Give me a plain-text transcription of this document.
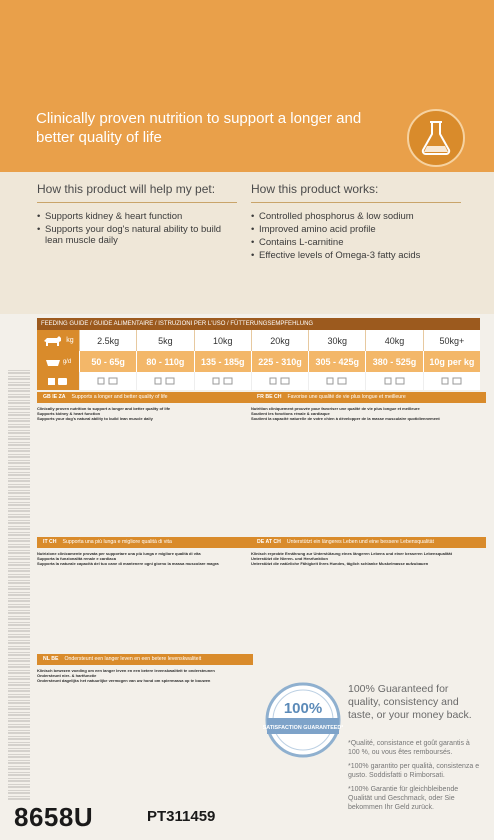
Clinically proven nutrition to support a longer and better quality of life
How this product will help my pet:
• Supports kidney & heart function
• Supports your dog's natural ability to build lean muscle daily
How this product works:
• Controlled phosphorus & low sodium
• Improved amino acid profile
• Contains L-carnitine
• Effective levels of Omega-3 fatty acids
FEEDING GUIDE / GUIDE ALIMENTAIRE / ISTRUZIONI PER L'USO / FÜTTERUNGSEMPFEHLUNG
kg	2.5kg	5kg	10kg	20kg	30kg	40kg	50kg+
g/d	50 - 65g	80 - 110g	135 - 185g	225 - 310g	305 - 425g	380 - 525g	10g per kg
GB IE ZA Supports a longer and better quality of life
Clinically proven nutrition to support a longer and better quality of life
Supports kidney & heart function
Supports your dog's natural ability to build lean muscle daily
FR BE CH Favorise une qualité de vie plus longue et meilleure
Nutrition cliniquement prouvée pour favoriser une qualité de vie plus longue et meilleure
Soutient les fonctions rénale & cardiaque
Soutient la capacité naturelle de votre chien à développer de la masse musculaire quotidiennement
IT CH Supporta una più lunga e migliore qualità di vita
Nutrizione clinicamente provata per supportare una più lunga e migliore qualità di vita
Supporta la funzionalità renale e cardiaca
Supporta la naturale capacità del tuo cane di mantenere ogni giorno la massa muscolare magra
DE AT CH Unterstützt ein längeres Leben und eine bessere Lebensqualität
Klinisch erprobte Ernährung zur Unterstützung eines längeren Lebens und einer besseren Lebensqualität
Unterstützt die Nieren- und Herzfunktion
Unterstützt die natürliche Fähigkeit Ihres Hundes, täglich schlanke Muskelmasse aufzubauen
NL BE Ondersteunt een langer leven en een betere levenskwaliteit
Klinisch bewezen voeding om een langer leven en een betere levenskwaliteit te ondersteunen
Ondersteunt nier- & hartfunctie
Ondersteunt dagelijks het natuurlijke vermogen van uw hond om spiermassa op te bouwen
100%
SATISFACTION GUARANTEED*
100% Guaranteed for quality, consistency and taste, or your money back.

*Qualité, consistance et goût garantis à 100 %, ou vous êtes remboursés.

*100% garantito per qualità, consistenza e gusto. Soddisfatti o Rimborsati.

*100% Garantie für gleichbleibende Qualität und Geschmack, oder Sie bekommen Ihr Geld zurück.

8658U	PT311459
